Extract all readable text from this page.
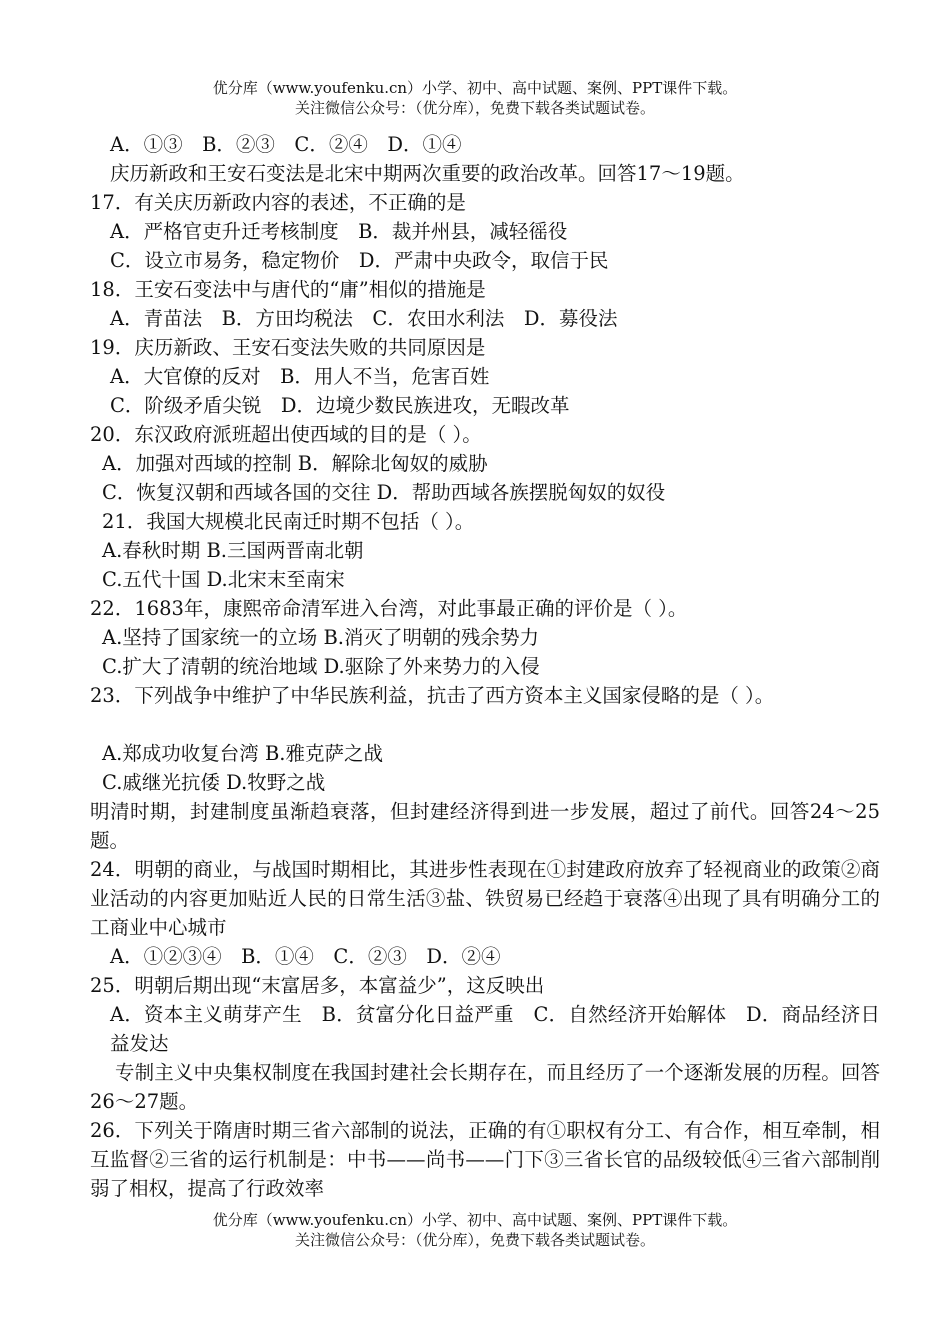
优分库（www.youfenku.cn）小学、初中、高中试题、案例、PPT课件下载。
关注微信公众号：（优分库），免费下载各类试题试卷。
A．①③　B．②③　C．②④　D．①④
庆历新政和王安石变法是北宋中期两次重要的政治改革。回答17～19题。
17．有关庆历新政内容的表述，不正确的是
A．严格官吏升迁考核制度　B．裁并州县，减轻徭役
C．设立市易务，稳定物价　D．严肃中央政令，取信于民
18．王安石变法中与唐代的“庸”相似的措施是
A．青苗法　B．方田均税法　C．农田水利法　D．募役法
19．庆历新政、王安石变法失败的共同原因是
A．大官僚的反对　B．用人不当，危害百姓
C．阶级矛盾尖锐　D．边境少数民族进攻，无暇改革
20．东汉政府派班超出使西域的目的是（ ）。
A．加强对西域的控制 B．解除北匈奴的威胁
C．恢复汉朝和西域各国的交往 D．帮助西域各族摆脱匈奴的奴役
21．我国大规模北民南迁时期不包括（ ）。
A.春秋时期 B.三国两晋南北朝
C.五代十国 D.北宋末至南宋
22．1683年，康熙帝命清军进入台湾，对此事最正确的评价是（ ）。
A.坚持了国家统一的立场 B.消灭了明朝的残余势力
C.扩大了清朝的统治地域 D.驱除了外来势力的入侵
23．下列战争中维护了中华民族利益，抗击了西方资本主义国家侵略的是（ ）。
A.郑成功收复台湾 B.雅克萨之战
C.戚继光抗倭 D.牧野之战
明清时期，封建制度虽渐趋衰落，但封建经济得到进一步发展，超过了前代。回答24～25题。
24．明朝的商业，与战国时期相比，其进步性表现在①封建政府放弃了轻视商业的政策②商业活动的内容更加贴近人民的日常生活③盐、铁贸易已经趋于衰落④出现了具有明确分工的工商业中心城市
A．①②③④　B．①④　C．②③　D．②④
25．明朝后期出现“末富居多，本富益少”，这反映出
A．资本主义萌芽产生　B．贫富分化日益严重　C．自然经济开始解体　D．商品经济日益发达
专制主义中央集权制度在我国封建社会长期存在，而且经历了一个逐渐发展的历程。回答26～27题。
26．下列关于隋唐时期三省六部制的说法，正确的有①职权有分工、有合作，相互牵制，相互监督②三省的运行机制是：中书——尚书——门下③三省长官的品级较低④三省六部制削弱了相权，提高了行政效率
优分库（www.youfenku.cn）小学、初中、高中试题、案例、PPT课件下载。
关注微信公众号：（优分库），免费下载各类试题试卷。
